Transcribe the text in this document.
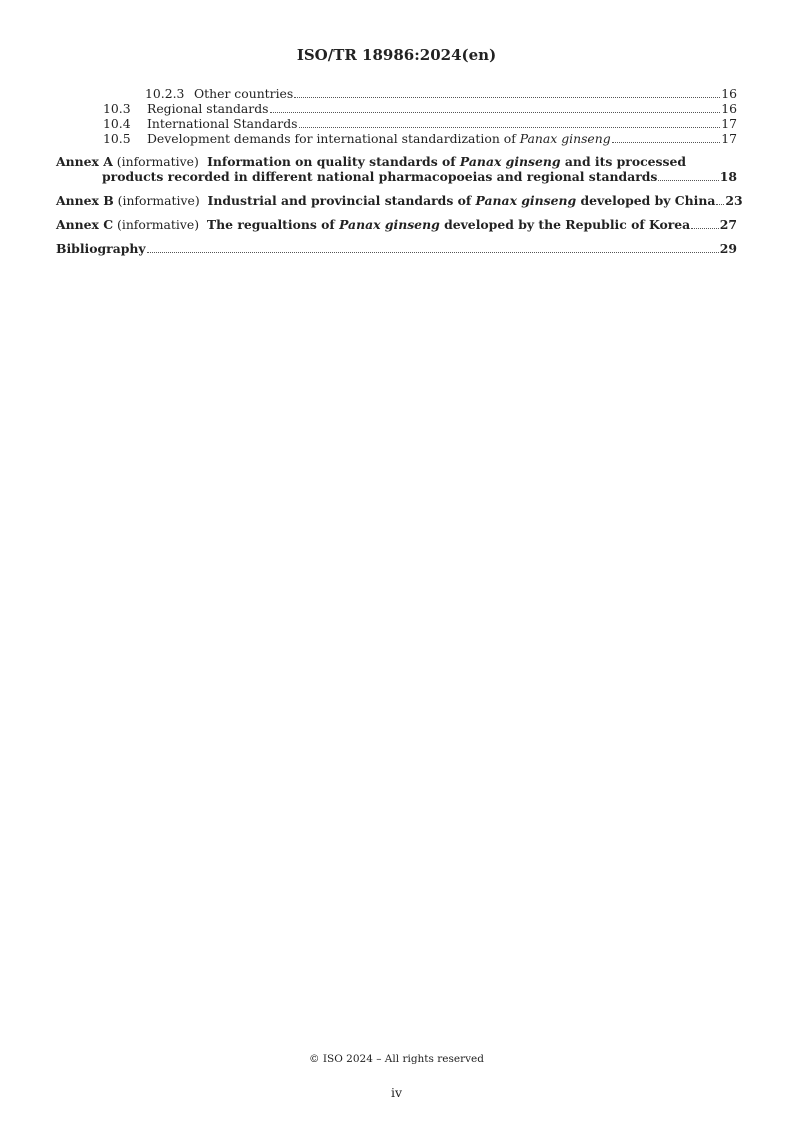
ISO/TR 18986:2024(en)
10.2.3 Other countries	16
10.3	Regional standards	16
10.4	International Standards	17
10.5	Development demands for international standardization of Panax ginseng	17
Annex A (informative) Information on quality standards of Panax ginseng and its processed
products recorded in different national pharmacopoeias and regional standards	18
Annex B (informative) Industrial and provincial standards of Panax ginseng developed by China 23
Annex C (informative) The regualtions of Panax ginseng developed by the Republic of Korea 27
Bibliography	29
© ISO 2024 – All rights reserved
iv
